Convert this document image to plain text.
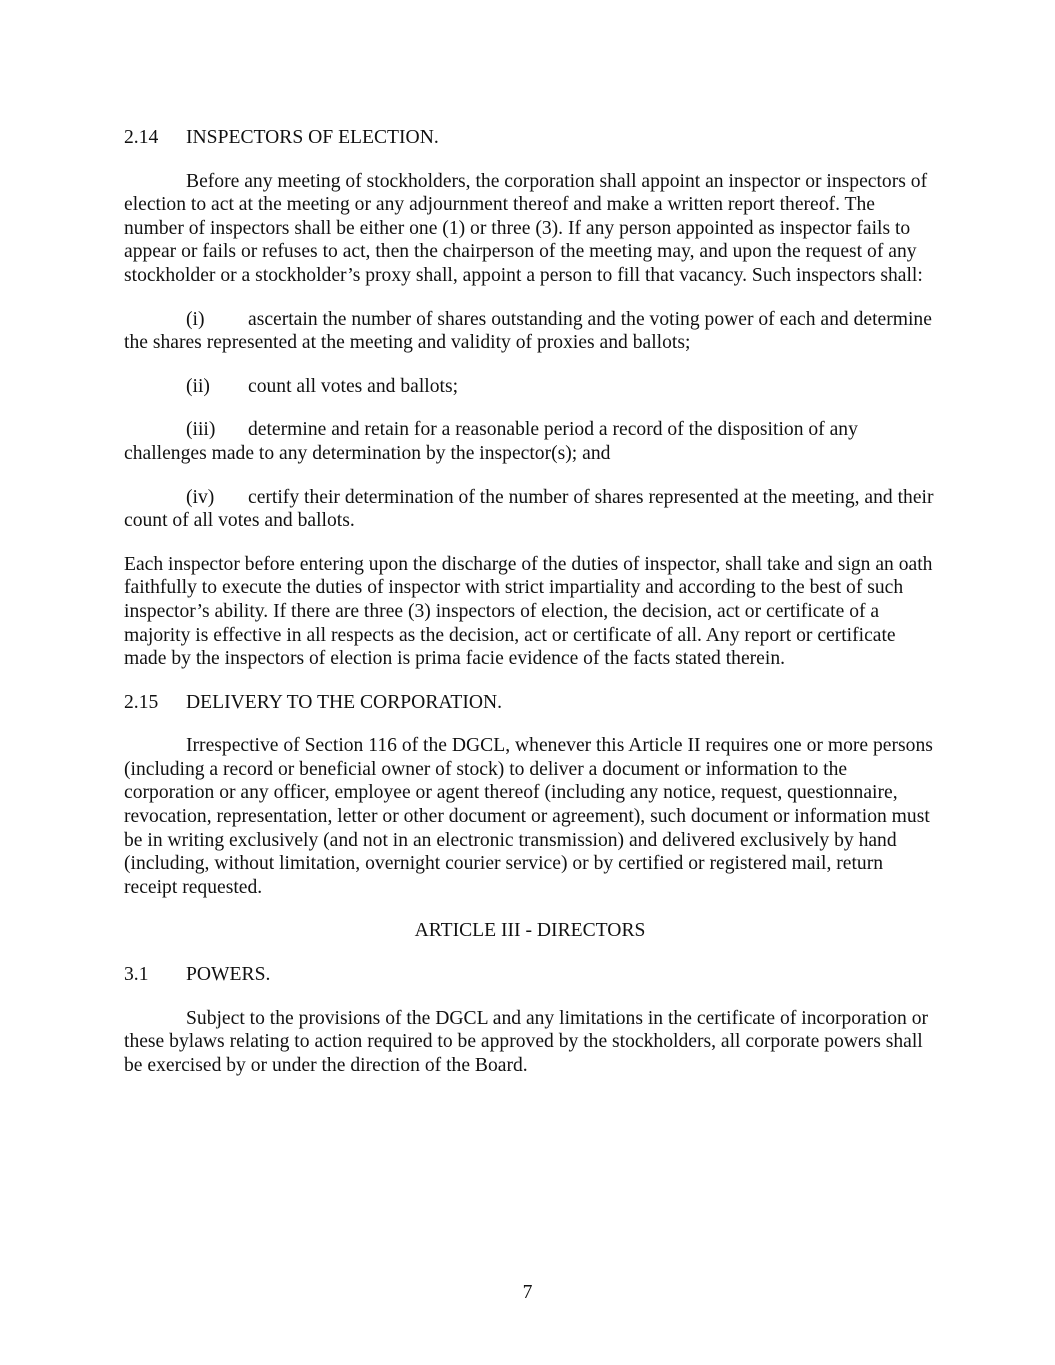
2.14 INSPECTORS OF ELECTION.

Before any meeting of stockholders, the corporation shall appoint an inspector or inspectors of election to act at the meeting or any adjournment thereof and make a written report thereof. The number of inspectors shall be either one (1) or three (3). If any person appointed as inspector fails to appear or fails or refuses to act, then the chairperson of the meeting may, and upon the request of any stockholder or a stockholder’s proxy shall, appoint a person to fill that vacancy. Such inspectors shall:

(i) ascertain the number of shares outstanding and the voting power of each and determine the shares represented at the meeting and validity of proxies and ballots;

(ii) count all votes and ballots;

(iii) determine and retain for a reasonable period a record of the disposition of any challenges made to any determination by the inspector(s); and

(iv) certify their determination of the number of shares represented at the meeting, and their count of all votes and ballots.

Each inspector before entering upon the discharge of the duties of inspector, shall take and sign an oath faithfully to execute the duties of inspector with strict impartiality and according to the best of such inspector’s ability. If there are three (3) inspectors of election, the decision, act or certificate of a majority is effective in all respects as the decision, act or certificate of all. Any report or certificate made by the inspectors of election is prima facie evidence of the facts stated therein.

2.15 DELIVERY TO THE CORPORATION.

Irrespective of Section 116 of the DGCL, whenever this Article II requires one or more persons (including a record or beneficial owner of stock) to deliver a document or information to the corporation or any officer, employee or agent thereof (including any notice, request, questionnaire, revocation, representation, letter or other document or agreement), such document or information must be in writing exclusively (and not in an electronic transmission) and delivered exclusively by hand (including, without limitation, overnight courier service) or by certified or registered mail, return receipt requested.

ARTICLE III - DIRECTORS

3.1 POWERS.

Subject to the provisions of the DGCL and any limitations in the certificate of incorporation or these bylaws relating to action required to be approved by the stockholders, all corporate powers shall be exercised by or under the direction of the Board.

7
